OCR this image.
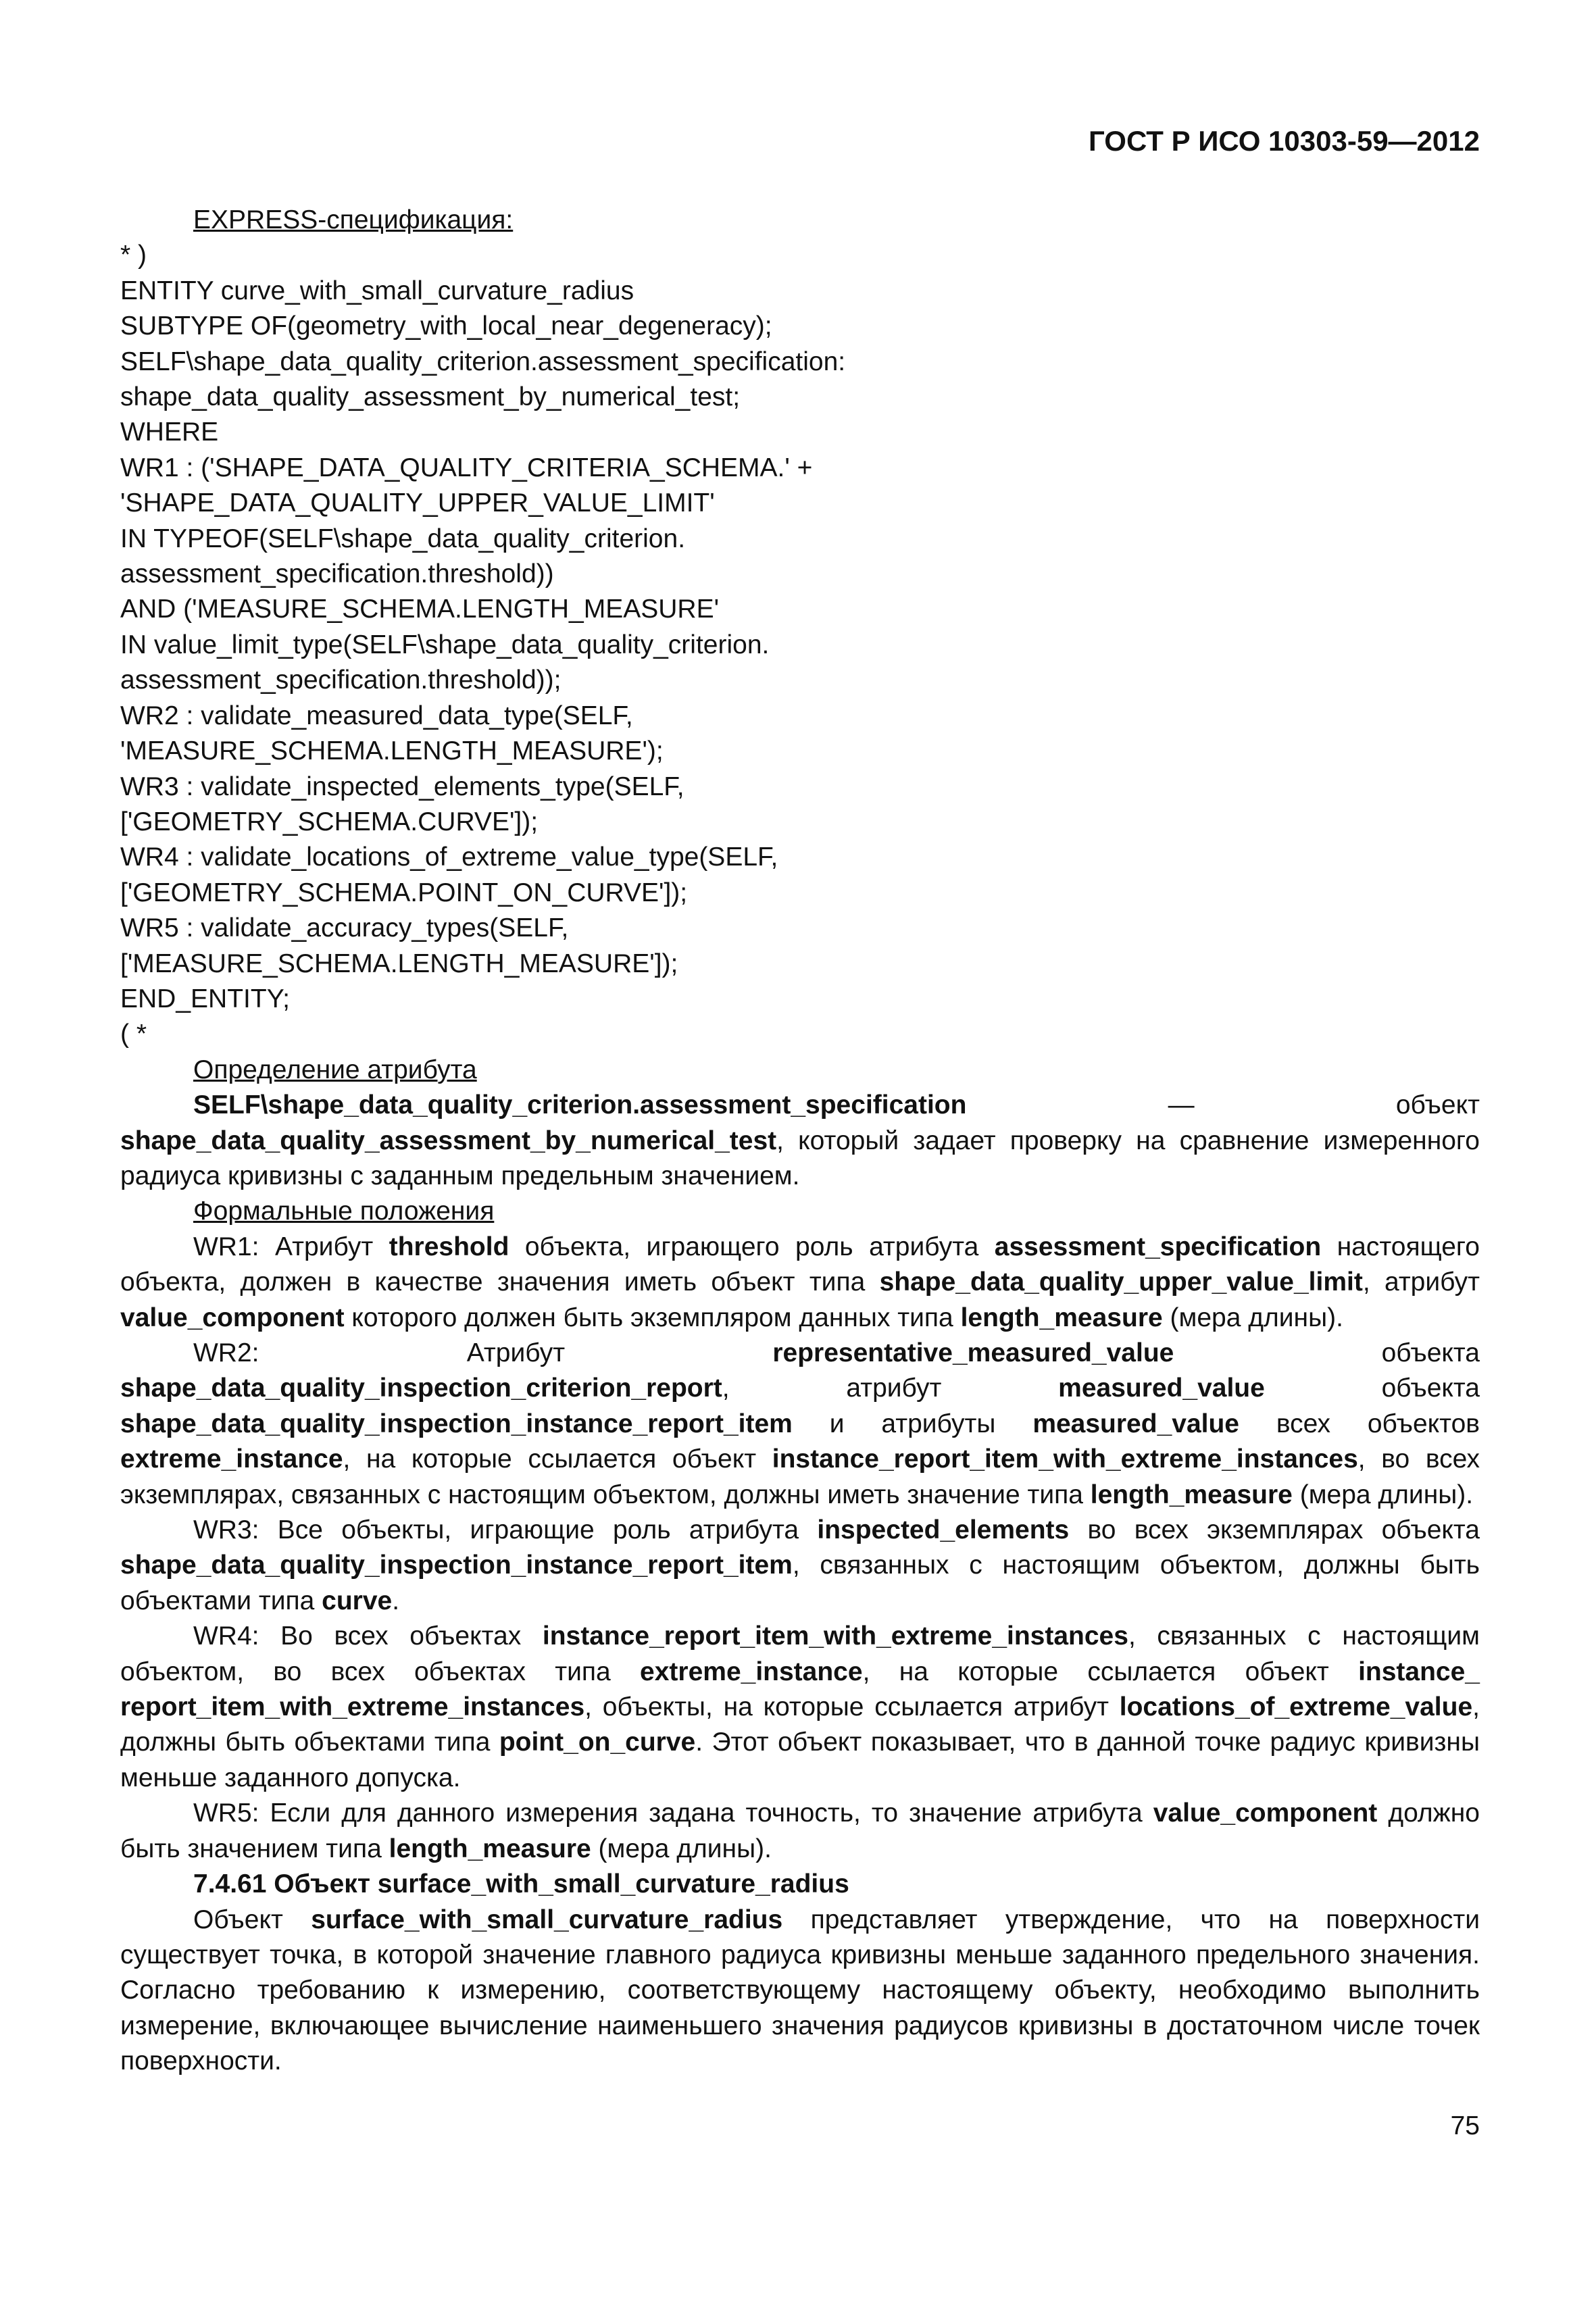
ГОСТ Р ИСО 10303-59—2012
EXPRESS-спецификация:
* )
ENTITY curve_with_small_curvature_radius
SUBTYPE OF(geometry_with_local_near_degeneracy);
SELF\shape_data_quality_criterion.assessment_specification:
shape_data_quality_assessment_by_numerical_test;
WHERE
WR1 : ('SHAPE_DATA_QUALITY_CRITERIA_SCHEMA.' +
'SHAPE_DATA_QUALITY_UPPER_VALUE_LIMIT'
IN TYPEOF(SELF\shape_data_quality_criterion.
assessment_specification.threshold))
AND ('MEASURE_SCHEMA.LENGTH_MEASURE'
IN value_limit_type(SELF\shape_data_quality_criterion.
assessment_specification.threshold));
WR2 : validate_measured_data_type(SELF,
'MEASURE_SCHEMA.LENGTH_MEASURE');
WR3 : validate_inspected_elements_type(SELF,
['GEOMETRY_SCHEMA.CURVE']);
WR4 : validate_locations_of_extreme_value_type(SELF,
['GEOMETRY_SCHEMA.POINT_ON_CURVE']);
WR5 : validate_accuracy_types(SELF,
['MEASURE_SCHEMA.LENGTH_MEASURE']);
END_ENTITY;
( *
Определение атрибута
SELF\shape_data_quality_criterion.assessment_specification — объект shape_data_quality_assessment_by_numerical_test, который задает проверку на сравнение измеренного радиуса кривизны с заданным предельным значением.
Формальные положения
WR1: Атрибут threshold объекта, играющего роль атрибута assessment_specification настоящего объекта, должен в качестве значения иметь объект типа shape_data_quality_upper_value_limit, атрибут value_component которого должен быть экземпляром данных типа length_measure (мера длины).
WR2: Атрибут representative_measured_value объекта shape_data_quality_inspection_criterion_report, атрибут measured_value объекта shape_data_quality_inspection_instance_report_item и атрибуты measured_value всех объектов extreme_instance, на которые ссылается объект instance_report_item_with_extreme_instances, во всех экземплярах, связанных с настоящим объектом, должны иметь значение типа length_measure (мера длины).
WR3: Все объекты, играющие роль атрибута inspected_elements во всех экземплярах объекта shape_data_quality_inspection_instance_report_item, связанных с настоящим объектом, должны быть объектами типа curve.
WR4: Во всех объектах instance_report_item_with_extreme_instances, связанных с настоящим объектом, во всех объектах типа extreme_instance, на которые ссылается объект instance_ report_item_with_extreme_instances, объекты, на которые ссылается атрибут locations_of_extreme_value, должны быть объектами типа point_on_curve. Этот объект показывает, что в данной точке радиус кривизны меньше заданного допуска.
WR5: Если для данного измерения задана точность, то значение атрибута value_component должно быть значением типа length_measure (мера длины).
7.4.61 Объект surface_with_small_curvature_radius
Объект surface_with_small_curvature_radius представляет утверждение, что на поверхности существует точка, в которой значение главного радиуса кривизны меньше заданного предельного значения. Согласно требованию к измерению, соответствующему настоящему объекту, необходимо выполнить измерение, включающее вычисление наименьшего значения радиусов кривизны в достаточном числе точек поверхности.
75
